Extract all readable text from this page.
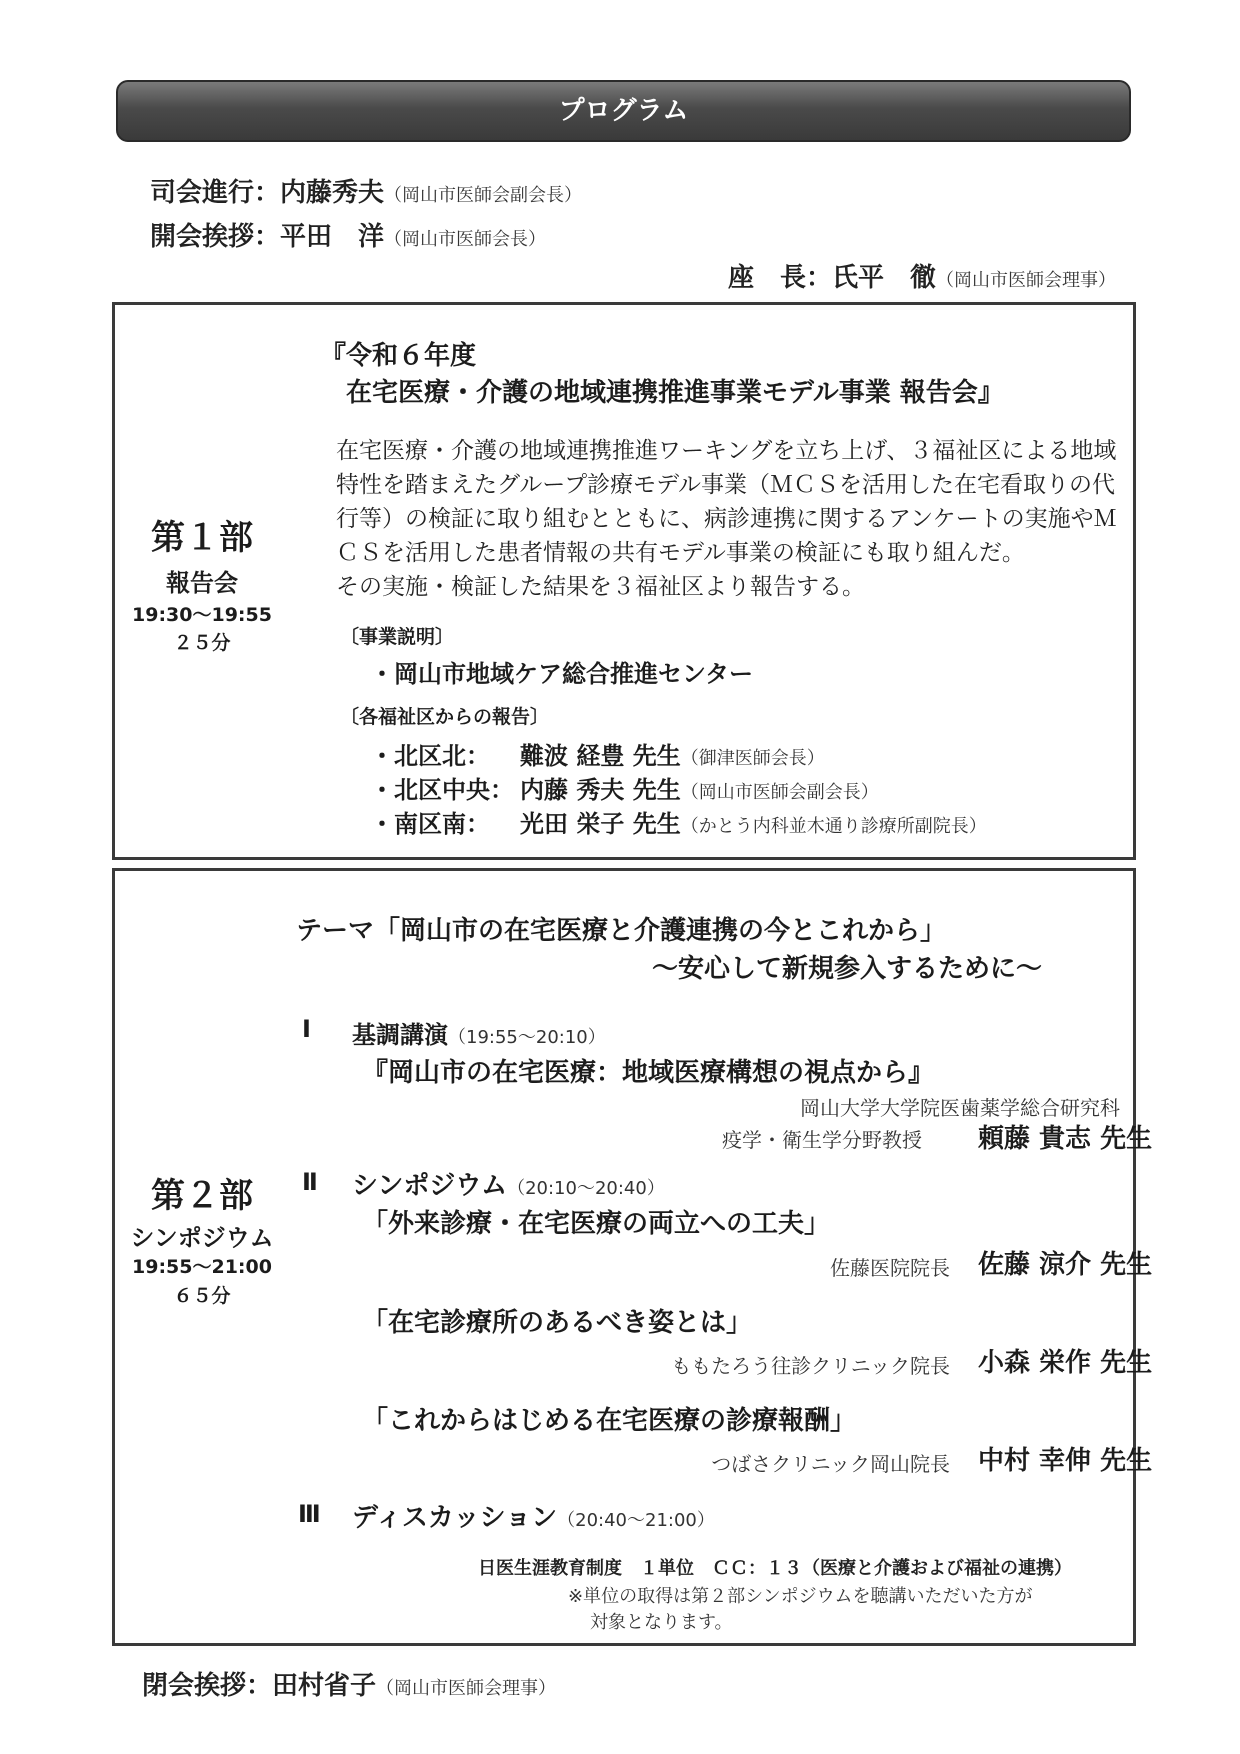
プログラム
司会進行：内藤秀夫（岡山市医師会副会長）
開会挨拶：平田　洋（岡山市医師会長）
座　長：氏平　徹（岡山市医師会理事）
第１部
報告会
19:30〜19:55
２５分
『令和６年度
在宅医療・介護の地域連携推進事業モデル事業 報告会』
在宅医療・介護の地域連携推進ワーキングを立ち上げ、３福祉区による地域特性を踏まえたグループ診療モデル事業（ＭＣＳを活用した在宅看取りの代行等）の検証に取り組むとともに、病診連携に関するアンケートの実施やＭＣＳを活用した患者情報の共有モデル事業の検証にも取り組んだ。
その実施・検証した結果を３福祉区より報告する。
〔事業説明〕
・岡山市地域ケア総合推進センター
〔各福祉区からの報告〕
・北区北： 難波 経豊 先生（御津医師会長）
・北区中央： 内藤 秀夫 先生（岡山市医師会副会長）
・南区南： 光田 栄子 先生（かとう内科並木通り診療所副院長）
第２部
シンポジウム
19:55〜21:00
６５分
テーマ「岡山市の在宅医療と介護連携の今とこれから」
〜安心して新規参入するために〜
Ⅰ 基調講演（19:55〜20:10）
『岡山市の在宅医療：地域医療構想の視点から』
岡山大学大学院医歯薬学総合研究科
疫学・衛生学分野教授 頼藤 貴志 先生
Ⅱ シンポジウム（20:10〜20:40）
「外来診療・在宅医療の両立への工夫」
佐藤医院院長 佐藤 涼介 先生
「在宅診療所のあるべき姿とは」
ももたろう往診クリニック院長 小森 栄作 先生
「これからはじめる在宅医療の診療報酬」
つばさクリニック岡山院長 中村 幸伸 先生
Ⅲ ディスカッション（20:40〜21:00）
日医生涯教育制度　１単位　ＣＣ：１３（医療と介護および福祉の連携）
※単位の取得は第２部シンポジウムを聴講いただいた方が
対象となります。
閉会挨拶：田村省子（岡山市医師会理事）
